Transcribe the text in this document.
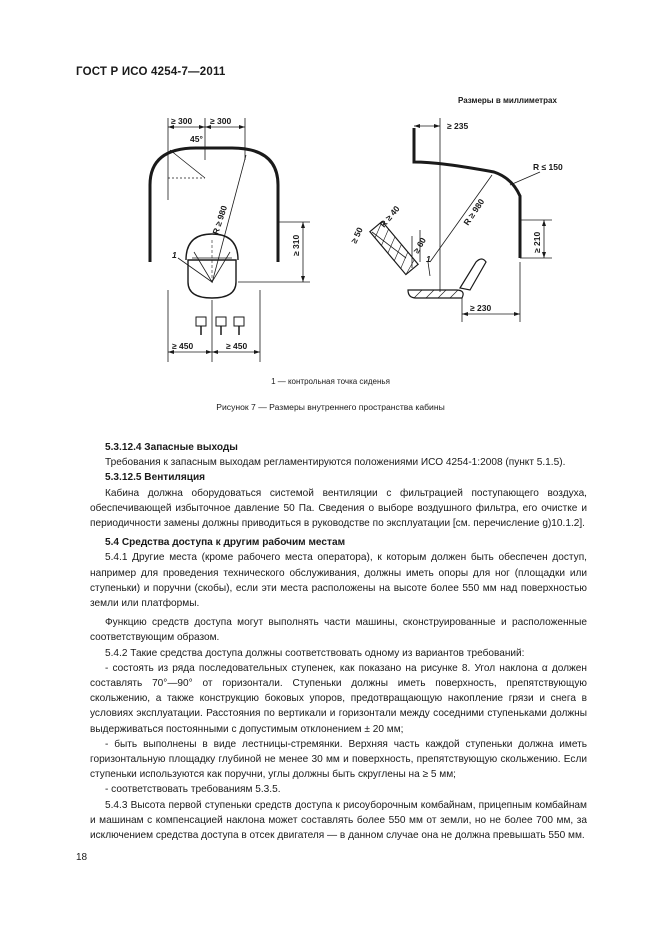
ГОСТ Р ИСО 4254-7—2011
Размеры в миллиметрах
≥ 300 ≥ 300
45°
R ≥ 980
≥ 310
1
≥ 450	≥ 450
≥ 235
R ≤ 150
R ≥ 40
≥ 50
≥ 60
R ≥ 980
≥ 210
1
≥ 230
1 — контрольная точка сиденья
Рисунок 7 — Размеры внутреннего пространства кабины

5.3.12.4 Запасные выходы

Требования к запасным выходам регламентируются положениями ИСО 4254-1:2008 (пункт 5.1.5).

5.3.12.5 Вентиляция

Кабина должна оборудоваться системой вентиляции с фильтрацией поступающего воздуха, обеспечивающей избыточное давление 50 Па. Сведения о выборе воздушного фильтра, его очистке и периодичности замены должны приводиться в руководстве по эксплуатации [см. перечисление g)10.1.2].

5.4 Средства доступа к другим рабочим местам

5.4.1 Другие места (кроме рабочего места оператора), к которым должен быть обеспечен доступ, например для проведения технического обслуживания, должны иметь опоры для ног (площадки или ступеньки) и поручни (скобы), если эти места расположены на высоте более 550 мм над поверхностью земли или платформы.

Функцию средств доступа могут выполнять части машины, сконструированные и расположенные соответствующим образом.

5.4.2 Такие средства доступа должны соответствовать одному из вариантов требований:

- состоять из ряда последовательных ступенек, как показано на рисунке 8. Угол наклона α должен составлять 70°—90° от горизонтали. Ступеньки должны иметь поверхность, препятствующую скольжению, а также конструкцию боковых упоров, предотвращающую накопление грязи и снега в условиях эксплуатации. Расстояния по вертикали и горизонтали между соседними ступеньками должны выдерживаться постоянными с допустимым отклонением ± 20 мм;

- быть выполнены в виде лестницы-стремянки. Верхняя часть каждой ступеньки должна иметь горизонтальную площадку глубиной не менее 30 мм и поверхность, препятствующую скольжению. Если ступеньки используются как поручни, углы должны быть скруглены на ≥ 5 мм;

- соответствовать требованиям 5.3.5.

5.4.3 Высота первой ступеньки средств доступа к рисоуборочным комбайнам, прицепным комбайнам и машинам с компенсацией наклона может составлять более 550 мм от земли, но не более 700 мм, за исключением средства доступа в отсек двигателя — в данном случае она не должна превышать 550 мм.

18
